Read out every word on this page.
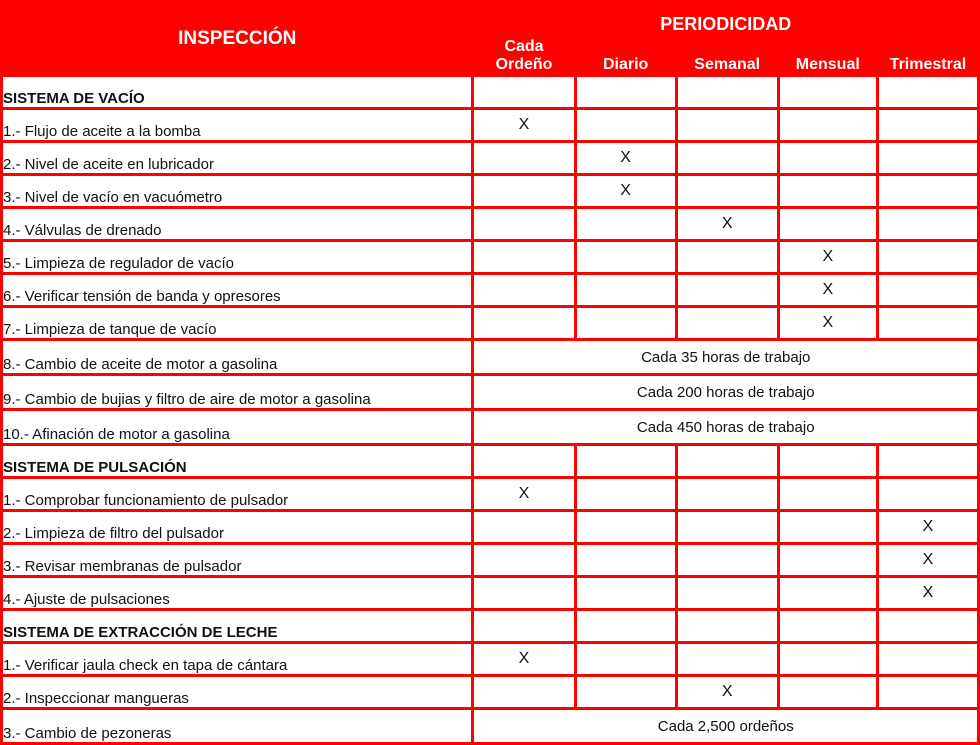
INSPECCIÓN	PERIODICIDAD				
	Cada Ordeño	Diario	Semanal	Mensual	Trimestral
SISTEMA DE VACÍO					
1.- Flujo de aceite a la bomba	X				
2.- Nivel de aceite en lubricador		X			
3.- Nivel de vacío en vacuómetro		X			
4.- Válvulas de drenado			X		
5.- Limpieza de regulador de vacío				X	
6.- Verificar tensión de banda y opresores				X	
7.- Limpieza de tanque de vacío				X	
8.- Cambio de aceite de motor a gasolina	Cada 35 horas de trabajo				
9.- Cambio de bujias y filtro de aire de motor a gasolina	Cada 200 horas de trabajo				
10.- Afinación de motor a gasolina	Cada 450 horas de trabajo				
SISTEMA DE PULSACIÓN					
1.- Comprobar funcionamiento de pulsador	X				
2.- Limpieza de filtro del pulsador					X
3.- Revisar membranas de pulsador					X
4.- Ajuste de pulsaciones					X
SISTEMA DE EXTRACCIÓN DE LECHE					
1.- Verificar jaula check en tapa de cántara	X				
2.- Inspeccionar mangueras			X		
3.- Cambio de pezoneras	Cada 2,500 ordeños				
